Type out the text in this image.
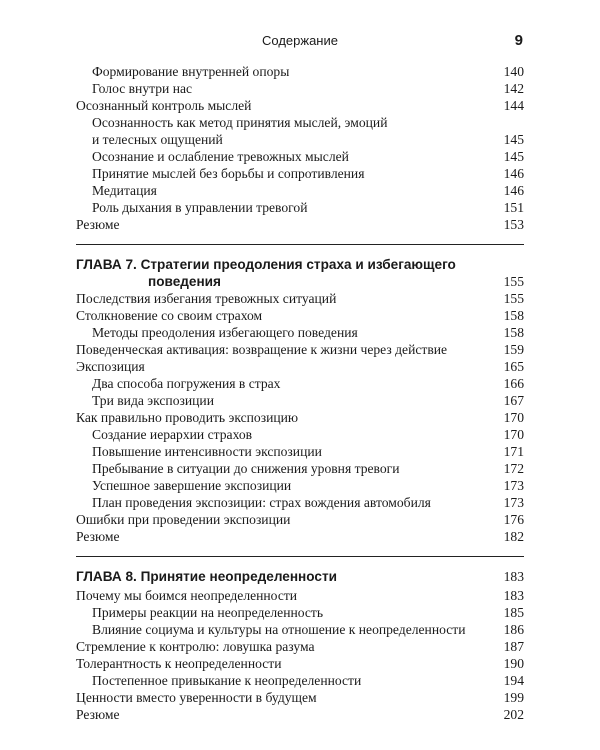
Содержание	9
Формирование внутренней опоры	140
Голос внутри нас	142
Осознанный контроль мыслей	144
Осознанность как метод принятия мыслей, эмоций
и телесных ощущений	145
Осознание и ослабление тревожных мыслей	145
Принятие мыслей без борьбы и сопротивления	146
Медитация	146
Роль дыхания в управлении тревогой	151
Резюме	153
ГЛАВА 7. Стратегии преодоления страха и избегающего
поведения	155
Последствия избегания тревожных ситуаций	155
Столкновение со своим страхом	158
Методы преодоления избегающего поведения	158
Поведенческая активация: возвращение к жизни через действие	159
Экспозиция	165
Два способа погружения в страх	166
Три вида экспозиции	167
Как правильно проводить экспозицию	170
Создание иерархии страхов	170
Повышение интенсивности экспозиции	171
Пребывание в ситуации до снижения уровня тревоги	172
Успешное завершение экспозиции	173
План проведения экспозиции: страх вождения автомобиля	173
Ошибки при проведении экспозиции	176
Резюме	182
ГЛАВА 8. Принятие неопределенности	183
Почему мы боимся неопределенности	183
Примеры реакции на неопределенность	185
Влияние социума и культуры на отношение к неопределенности	186
Стремление к контролю: ловушка разума	187
Толерантность к неопределенности	190
Постепенное привыкание к неопределенности	194
Ценности вместо уверенности в будущем	199
Резюме	202
